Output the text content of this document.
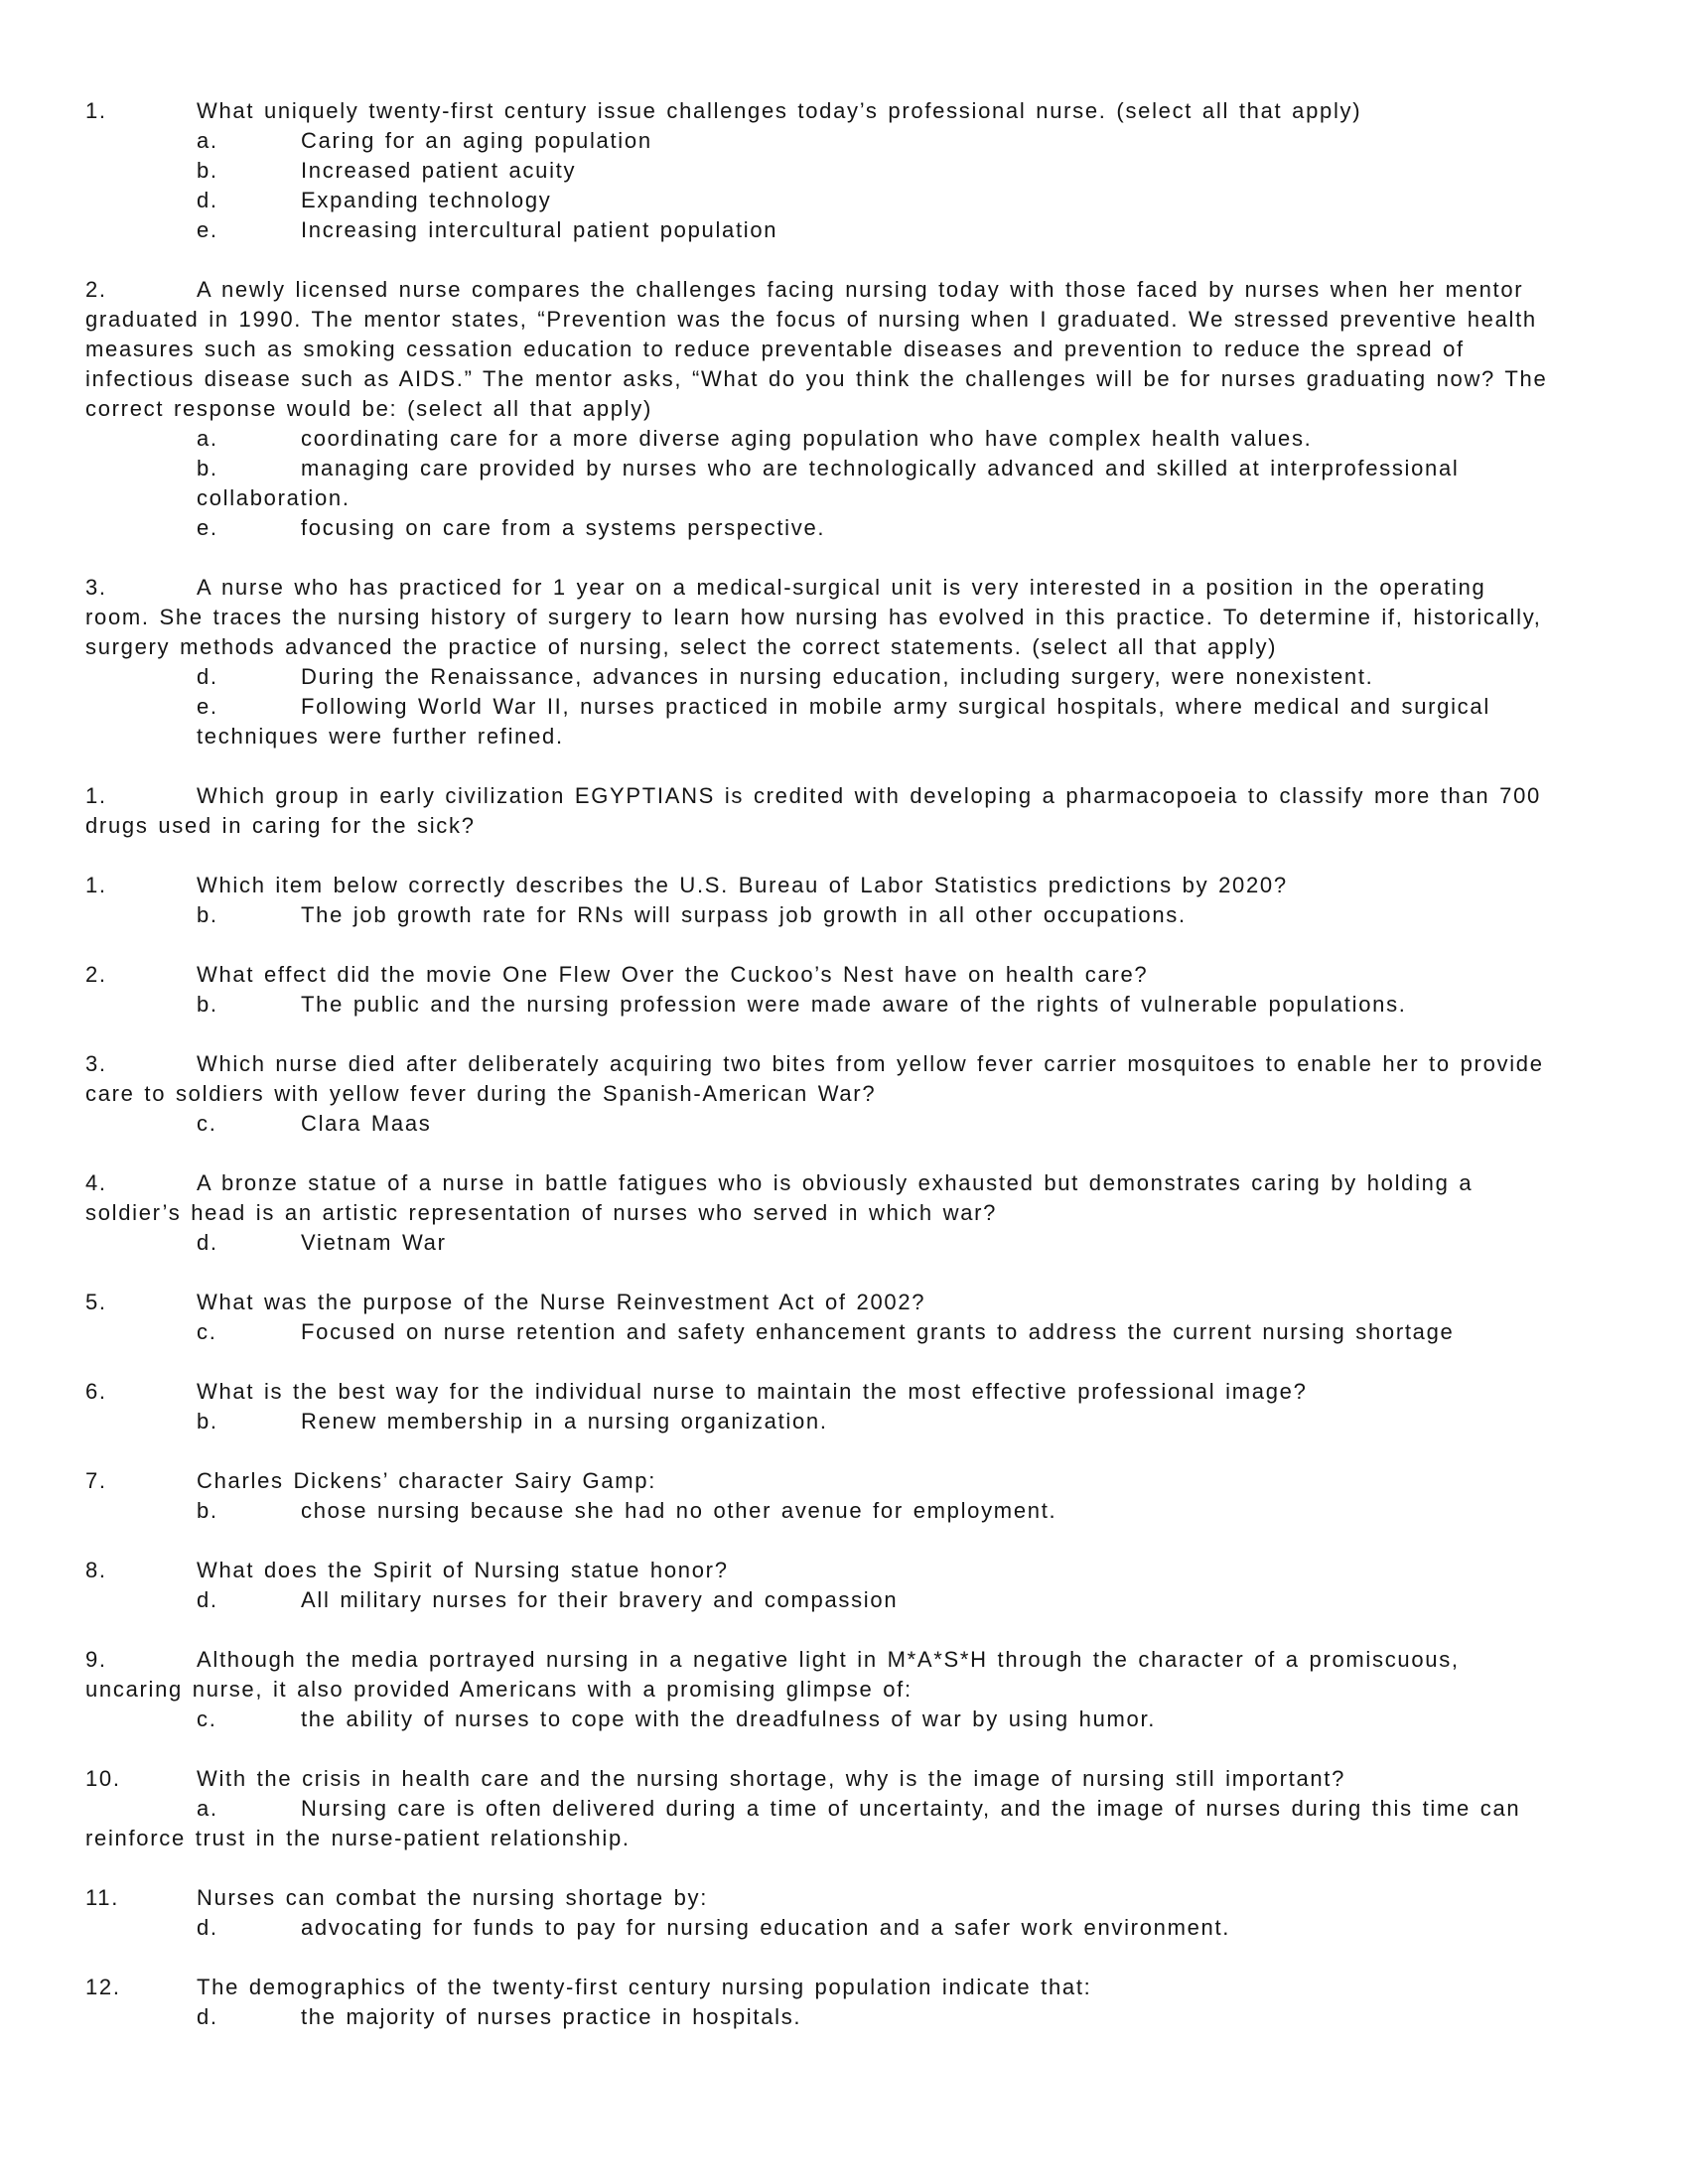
1.	What uniquely twenty-first century issue challenges today’s professional nurse. (select all that apply)

a.	Caring for an aging population

b.	Increased patient acuity

d.	Expanding technology

e.	Increasing intercultural patient population

2.	A newly licensed nurse compares the challenges facing nursing today with those faced by nurses when her mentor graduated in 1990. The mentor states, “Prevention was the focus of nursing when I graduated. We stressed preventive health measures such as smoking cessation education to reduce preventable diseases and prevention to reduce the spread of infectious disease such as AIDS.” The mentor asks, “What do you think the challenges will be for nurses graduating now? The correct response would be: (select all that apply)

a.	coordinating care for a more diverse aging population who have complex health values.

b.	managing care provided by nurses who are technologically advanced and skilled at interprofessional collaboration.

e.	focusing on care from a systems perspective.

3.	A nurse who has practiced for 1 year on a medical-surgical unit is very interested in a position in the operating room. She traces the nursing history of surgery to learn how nursing has evolved in this practice. To determine if, historically, surgery methods advanced the practice of nursing, select the correct statements. (select all that apply)

d.	During the Renaissance, advances in nursing education, including surgery, were nonexistent.

e.	Following World War II, nurses practiced in mobile army surgical hospitals, where medical and surgical techniques were further refined.

1.	Which group in early civilization EGYPTIANS is credited with developing a pharmacopoeia to classify more than 700 drugs used in caring for the sick?

1.	Which item below correctly describes the U.S. Bureau of Labor Statistics predictions by 2020?

b.	The job growth rate for RNs will surpass job growth in all other occupations.

2.	What effect did the movie One Flew Over the Cuckoo’s Nest have on health care?

b.	The public and the nursing profession were made aware of the rights of vulnerable populations.

3.	Which nurse died after deliberately acquiring two bites from yellow fever carrier mosquitoes to enable her to provide care to soldiers with yellow fever during the Spanish-American War?

c.	Clara Maas

4.	A bronze statue of a nurse in battle fatigues who is obviously exhausted but demonstrates caring by holding a soldier’s head is an artistic representation of nurses who served in which war?

d.	Vietnam War

5.	What was the purpose of the Nurse Reinvestment Act of 2002?

c.	Focused on nurse retention and safety enhancement grants to address the current nursing shortage

6.	What is the best way for the individual nurse to maintain the most effective professional image?

b.	Renew membership in a nursing organization.

7.	Charles Dickens’ character Sairy Gamp:

b.	chose nursing because she had no other avenue for employment.

8.	What does the Spirit of Nursing statue honor?

d.	All military nurses for their bravery and compassion

9.	Although the media portrayed nursing in a negative light in M*A*S*H through the character of a promiscuous, uncaring nurse, it also provided Americans with a promising glimpse of:

c.	the ability of nurses to cope with the dreadfulness of war by using humor.

10.	With the crisis in health care and the nursing shortage, why is the image of nursing still important?

a.	Nursing care is often delivered during a time of uncertainty, and the image of nurses during this time can reinforce trust in the nurse-patient relationship.

11.	Nurses can combat the nursing shortage by:

d.	advocating for funds to pay for nursing education and a safer work environment.

12.	The demographics of the twenty-first century nursing population indicate that:

d.	the majority of nurses practice in hospitals.
